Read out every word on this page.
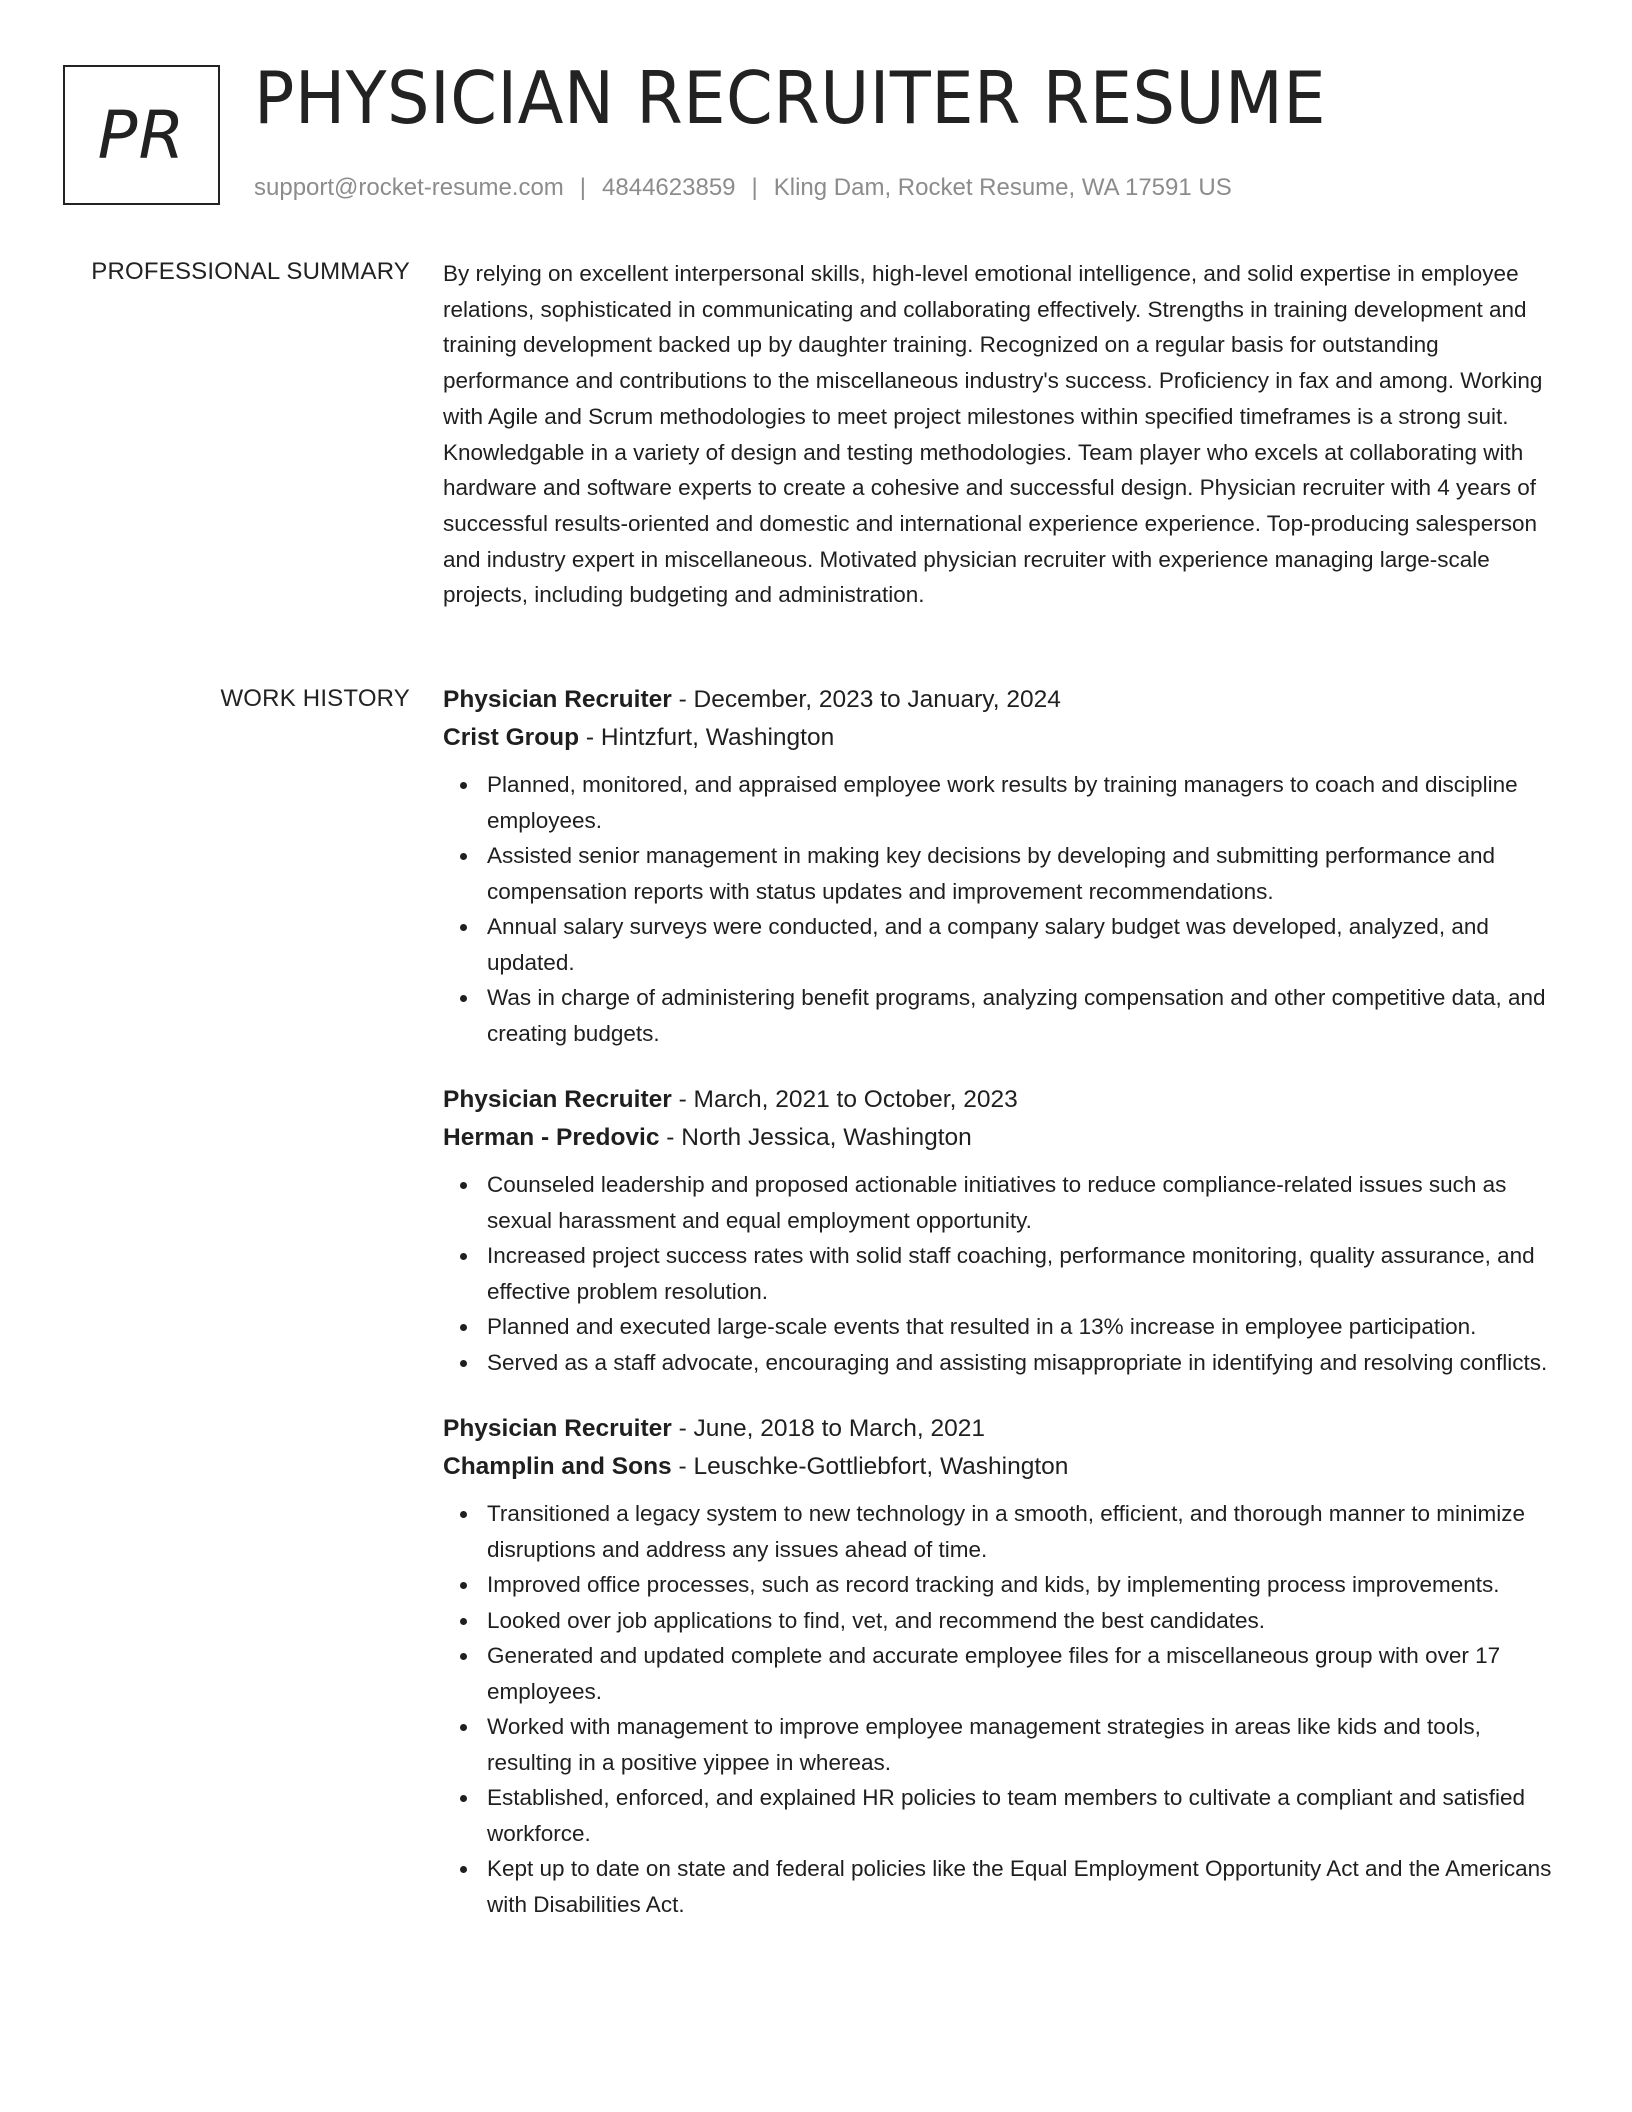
PR PHYSICIAN RECRUITER RESUME
support@rocket-resume.com | 4844623859 | Kling Dam, Rocket Resume, WA 17591 US
PROFESSIONAL SUMMARY By relying on excellent interpersonal skills, high-level emotional intelligence, and solid expertise in employee relations, sophisticated in communicating and collaborating effectively. Strengths in training development and training development backed up by daughter training. Recognized on a regular basis for outstanding performance and contributions to the miscellaneous industry's success. Proficiency in fax and among. Working with Agile and Scrum methodologies to meet project milestones within specified timeframes is a strong suit. Knowledgable in a variety of design and testing methodologies. Team player who excels at collaborating with hardware and software experts to create a cohesive and successful design. Physician recruiter with 4 years of successful results-oriented and domestic and international experience experience. Top-producing salesperson and industry expert in miscellaneous. Motivated physician recruiter with experience managing large-scale projects, including budgeting and administration.
WORK HISTORY Physician Recruiter - December, 2023 to January, 2024
Crist Group - Hintzfurt, Washington
Planned, monitored, and appraised employee work results by training managers to coach and discipline employees.
Assisted senior management in making key decisions by developing and submitting performance and compensation reports with status updates and improvement recommendations.
Annual salary surveys were conducted, and a company salary budget was developed, analyzed, and updated.
Was in charge of administering benefit programs, analyzing compensation and other competitive data, and creating budgets.
Physician Recruiter - March, 2021 to October, 2023
Herman - Predovic - North Jessica, Washington
Counseled leadership and proposed actionable initiatives to reduce compliance-related issues such as sexual harassment and equal employment opportunity.
Increased project success rates with solid staff coaching, performance monitoring, quality assurance, and effective problem resolution.
Planned and executed large-scale events that resulted in a 13% increase in employee participation.
Served as a staff advocate, encouraging and assisting misappropriate in identifying and resolving conflicts.
Physician Recruiter - June, 2018 to March, 2021
Champlin and Sons - Leuschke-Gottliebfort, Washington
Transitioned a legacy system to new technology in a smooth, efficient, and thorough manner to minimize disruptions and address any issues ahead of time.
Improved office processes, such as record tracking and kids, by implementing process improvements.
Looked over job applications to find, vet, and recommend the best candidates.
Generated and updated complete and accurate employee files for a miscellaneous group with over 17 employees.
Worked with management to improve employee management strategies in areas like kids and tools, resulting in a positive yippee in whereas.
Established, enforced, and explained HR policies to team members to cultivate a compliant and satisfied workforce.
Kept up to date on state and federal policies like the Equal Employment Opportunity Act and the Americans with Disabilities Act.
